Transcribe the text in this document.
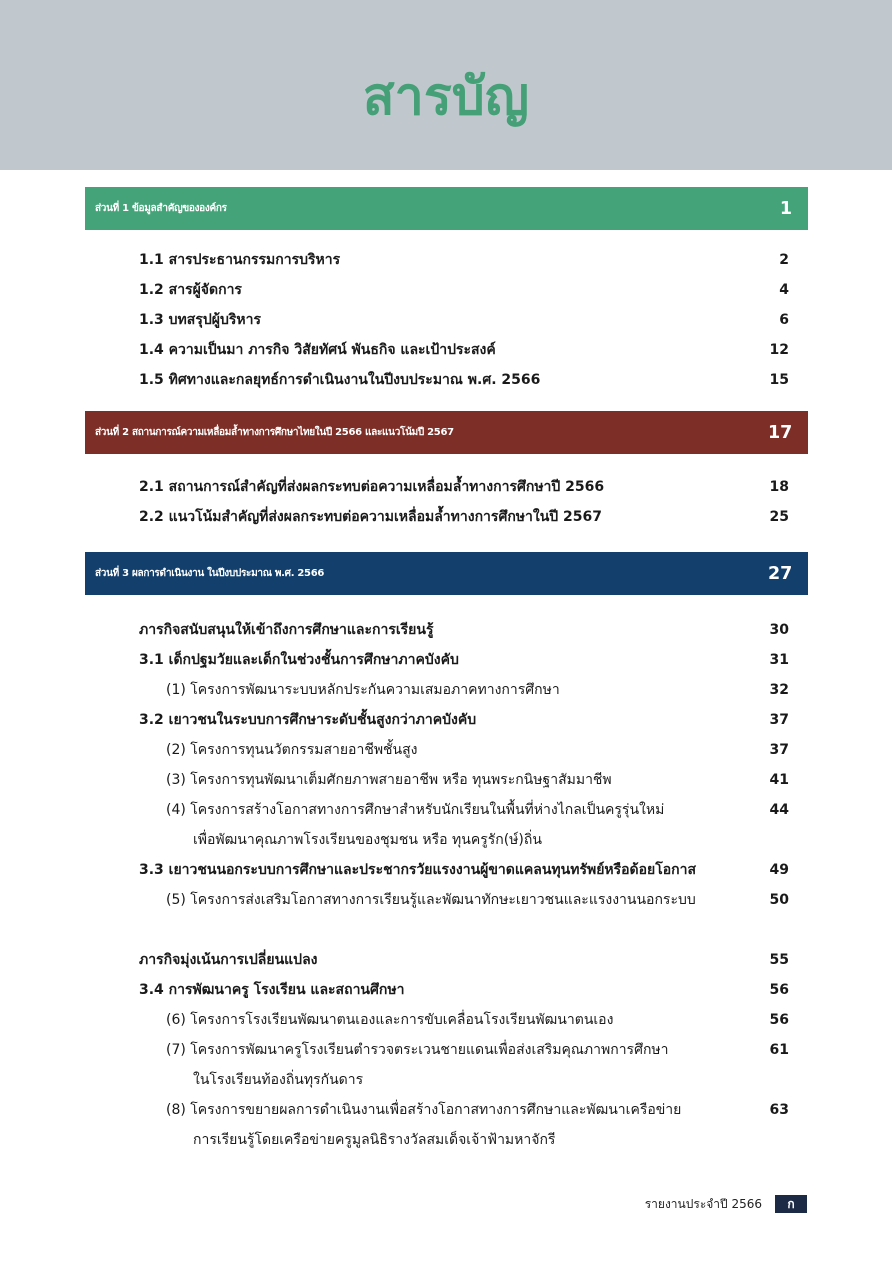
สารบัญ
ส่วนที่ 1 ข้อมูลสำคัญขององค์กร	1
1.1 สารประธานกรรมการบริหาร	2
1.2 สารผู้จัดการ	4
1.3 บทสรุปผู้บริหาร	6
1.4 ความเป็นมา ภารกิจ วิสัยทัศน์ พันธกิจ และเป้าประสงค์	12
1.5 ทิศทางและกลยุทธ์การดำเนินงานในปีงบประมาณ พ.ศ. 2566	15
ส่วนที่ 2 สถานการณ์ความเหลื่อมล้ำทางการศึกษาไทยในปี 2566 และแนวโน้มปี 2567	17
2.1 สถานการณ์สำคัญที่ส่งผลกระทบต่อความเหลื่อมล้ำทางการศึกษาปี 2566	18
2.2 แนวโน้มสำคัญที่ส่งผลกระทบต่อความเหลื่อมล้ำทางการศึกษาในปี 2567	25
ส่วนที่ 3 ผลการดำเนินงาน ในปีงบประมาณ พ.ศ. 2566	27
ภารกิจสนับสนุนให้เข้าถึงการศึกษาและการเรียนรู้	30
3.1 เด็กปฐมวัยและเด็กในช่วงชั้นการศึกษาภาคบังคับ	31
(1) โครงการพัฒนาระบบหลักประกันความเสมอภาคทางการศึกษา	32
3.2 เยาวชนในระบบการศึกษาระดับชั้นสูงกว่าภาคบังคับ	37
(2) โครงการทุนนวัตกรรมสายอาชีพชั้นสูง	37
(3) โครงการทุนพัฒนาเต็มศักยภาพสายอาชีพ หรือ ทุนพระกนิษฐาสัมมาชีพ	41
(4) โครงการสร้างโอกาสทางการศึกษาสำหรับนักเรียนในพื้นที่ห่างไกลเป็นครูรุ่นใหม่	44
เพื่อพัฒนาคุณภาพโรงเรียนของชุมชน หรือ ทุนครูรัก(ษ์)ถิ่น
3.3 เยาวชนนอกระบบการศึกษาและประชากรวัยแรงงานผู้ขาดแคลนทุนทรัพย์หรือด้อยโอกาส	49
(5) โครงการส่งเสริมโอกาสทางการเรียนรู้และพัฒนาทักษะเยาวชนและแรงงานนอกระบบ	50
ภารกิจมุ่งเน้นการเปลี่ยนแปลง	55
3.4 การพัฒนาครู โรงเรียน และสถานศึกษา	56
(6) โครงการโรงเรียนพัฒนาตนเองและการขับเคลื่อนโรงเรียนพัฒนาตนเอง	56
(7) โครงการพัฒนาครูโรงเรียนตำรวจตระเวนชายแดนเพื่อส่งเสริมคุณภาพการศึกษา	61
ในโรงเรียนท้องถิ่นทุรกันดาร
(8) โครงการขยายผลการดำเนินงานเพื่อสร้างโอกาสทางการศึกษาและพัฒนาเครือข่าย	63
การเรียนรู้โดยเครือข่ายครูมูลนิธิรางวัลสมเด็จเจ้าฟ้ามหาจักรี
รายงานประจำปี 2566	ก
